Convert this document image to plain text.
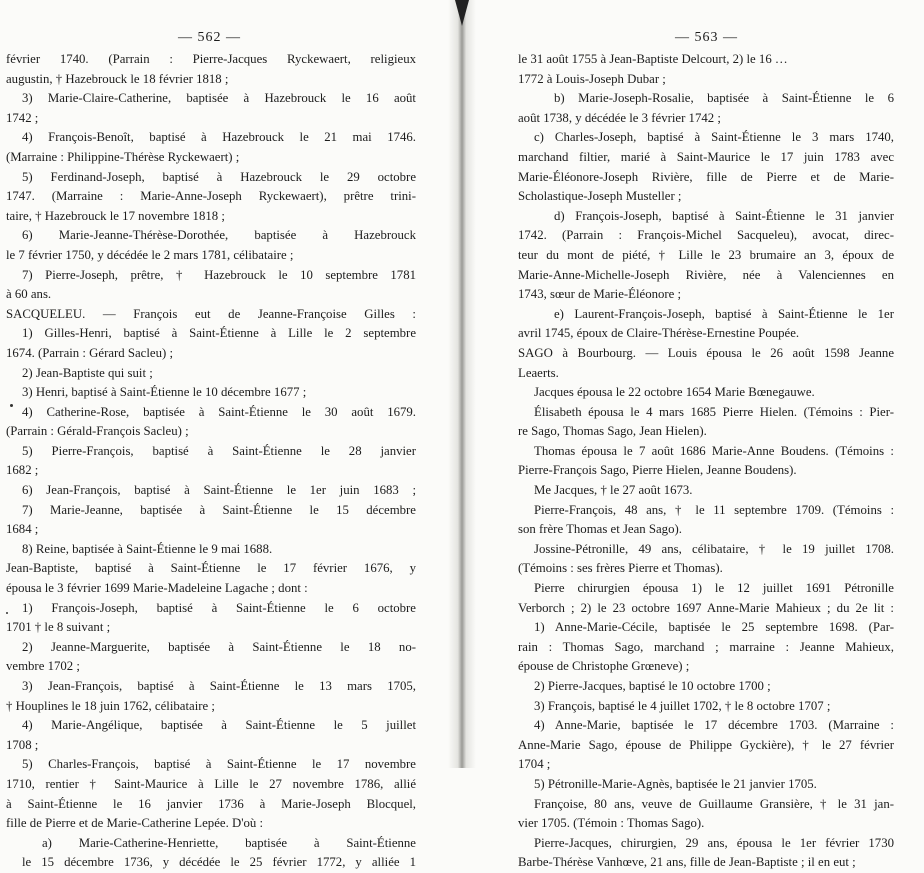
— 562 —
février 1740. (Parrain : Pierre-Jacques Ryckewaert, religieux
augustin, † Hazebrouck le 18 février 1818 ;
3) Marie-Claire-Catherine, baptisée à Hazebrouck le 16 août
1742 ;
4) François-Benoît, baptisé à Hazebrouck le 21 mai 1746.
(Marraine : Philippine-Thérèse Ryckewaert) ;
5) Ferdinand-Joseph, baptisé à Hazebrouck le 29 octobre
1747. (Marraine : Marie-Anne-Joseph Ryckewaert), prêtre trini-
taire, † Hazebrouck le 17 novembre 1818 ;
6) Marie-Jeanne-Thérèse-Dorothée, baptisée à Hazebrouck
le 7 février 1750, y décédée le 2 mars 1781, célibataire ;
7) Pierre-Joseph, prêtre, † Hazebrouck le 10 septembre 1781
à 60 ans.
SACQUELEU. — François eut de Jeanne-Françoise Gilles :
1) Gilles-Henri, baptisé à Saint-Étienne à Lille le 2 septembre
1674. (Parrain : Gérard Sacleu) ;
2) Jean-Baptiste qui suit ;
3) Henri, baptisé à Saint-Étienne le 10 décembre 1677 ;
4) Catherine-Rose, baptisée à Saint-Étienne le 30 août 1679.
(Parrain : Gérald-François Sacleu) ;
5) Pierre-François, baptisé à Saint-Étienne le 28 janvier
1682 ;
6) Jean-François, baptisé à Saint-Étienne le 1er juin 1683 ;
7) Marie-Jeanne, baptisée à Saint-Étienne le 15 décembre
1684 ;
8) Reine, baptisée à Saint-Étienne le 9 mai 1688.
Jean-Baptiste, baptisé à Saint-Étienne le 17 février 1676, y
épousa le 3 février 1699 Marie-Madeleine Lagache ; dont :
1) François-Joseph, baptisé à Saint-Étienne le 6 octobre
1701 † le 8 suivant ;
2) Jeanne-Marguerite, baptisée à Saint-Étienne le 18 no-
vembre 1702 ;
3) Jean-François, baptisé à Saint-Étienne le 13 mars 1705,
† Houplines le 18 juin 1762, célibataire ;
4) Marie-Angélique, baptisée à Saint-Étienne le 5 juillet
1708 ;
5) Charles-François, baptisé à Saint-Étienne le 17 novembre
1710, rentier † Saint-Maurice à Lille le 27 novembre 1786, allié
à Saint-Étienne le 16 janvier 1736 à Marie-Joseph Blocquel,
fille de Pierre et de Marie-Catherine Lepée. D'où :
a) Marie-Catherine-Henriette, baptisée à Saint-Étienne
le 15 décembre 1736, y décédée le 25 février 1772, y alliée 1
— 563 —
le 31 août 1755 à Jean-Baptiste Delcourt, 2) le 16 …
1772 à Louis-Joseph Dubar ;
b) Marie-Joseph-Rosalie, baptisée à Saint-Étienne le 6
août 1738, y décédée le 3 février 1742 ;
c) Charles-Joseph, baptisé à Saint-Étienne le 3 mars 1740,
marchand filtier, marié à Saint-Maurice le 17 juin 1783 avec
Marie-Éléonore-Joseph Rivière, fille de Pierre et de Marie-
Scholastique-Joseph Musteller ;
d) François-Joseph, baptisé à Saint-Étienne le 31 janvier
1742. (Parrain : François-Michel Sacqueleu), avocat, direc-
teur du mont de piété, † Lille le 23 brumaire an 3, époux de
Marie-Anne-Michelle-Joseph Rivière, née à Valenciennes en
1743, sœur de Marie-Éléonore ;
e) Laurent-François-Joseph, baptisé à Saint-Étienne le 1er
avril 1745, époux de Claire-Thérèse-Ernestine Poupée.
SAGO à Bourbourg. — Louis épousa le 26 août 1598 Jeanne
Leaerts.
Jacques épousa le 22 octobre 1654 Marie Bœnegauwe.
Élisabeth épousa le 4 mars 1685 Pierre Hielen. (Témoins : Pier-
re Sago, Thomas Sago, Jean Hielen).
Thomas épousa le 7 août 1686 Marie-Anne Boudens. (Témoins :
Pierre-François Sago, Pierre Hielen, Jeanne Boudens).
Me Jacques, † le 27 août 1673.
Pierre-François, 48 ans, † le 11 septembre 1709. (Témoins :
son frère Thomas et Jean Sago).
Jossine-Pétronille, 49 ans, célibataire, † le 19 juillet 1708.
(Témoins : ses frères Pierre et Thomas).
Pierre chirurgien épousa 1) le 12 juillet 1691 Pétronille
Verborch ; 2) le 23 octobre 1697 Anne-Marie Mahieux ; du 2e lit :
1) Anne-Marie-Cécile, baptisée le 25 septembre 1698. (Par-
rain : Thomas Sago, marchand ; marraine : Jeanne Mahieux,
épouse de Christophe Grœneve) ;
2) Pierre-Jacques, baptisé le 10 octobre 1700 ;
3) François, baptisé le 4 juillet 1702, † le 8 octobre 1707 ;
4) Anne-Marie, baptisée le 17 décembre 1703. (Marraine :
Anne-Marie Sago, épouse de Philippe Gyckière), † le 27 février
1704 ;
5) Pétronille-Marie-Agnès, baptisée le 21 janvier 1705.
Françoise, 80 ans, veuve de Guillaume Gransière, † le 31 jan-
vier 1705. (Témoin : Thomas Sago).
Pierre-Jacques, chirurgien, 29 ans, épousa le 1er février 1730
Barbe-Thérèse Vanhœve, 21 ans, fille de Jean-Baptiste ; il en eut ;
